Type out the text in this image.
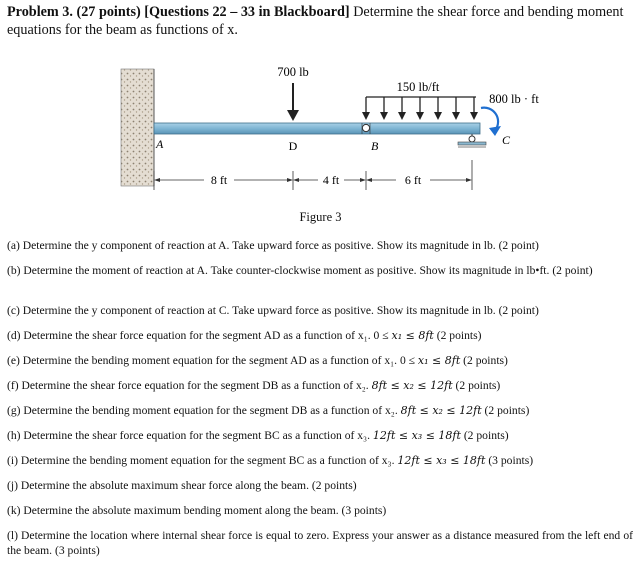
Problem 3. (27 points) [Questions 22 – 33 in Blackboard] Determine the shear force and bending moment equations for the beam as functions of x.
700 lb
150 lb/ft
800 lb · ft
A	D	B	C
8 ft	4 ft	6 ft
Figure 3
(a) Determine the y component of reaction at A. Take upward force as positive. Show its magnitude in lb. (2 point)
(b) Determine the moment of reaction at A. Take counter-clockwise moment as positive. Show its magnitude in lb•ft. (2 point)
(c) Determine the y component of reaction at C. Take upward force as positive. Show its magnitude in lb. (2 point)
(d) Determine the shear force equation for the segment AD as a function of x₁. 0 ≤ x₁ ≤ 8ft (2 points)
(e) Determine the bending moment equation for the segment AD as a function of x₁. 0 ≤ x₁ ≤ 8ft (2 points)
(f) Determine the shear force equation for the segment DB as a function of x₂. 8ft ≤ x₂ ≤ 12ft (2 points)
(g) Determine the bending moment equation for the segment DB as a function of x₂. 8ft ≤ x₂ ≤ 12ft (2 points)
(h) Determine the shear force equation for the segment BC as a function of x₃. 12ft ≤ x₃ ≤ 18ft (2 points)
(i) Determine the bending moment equation for the segment BC as a function of x₃. 12ft ≤ x₃ ≤ 18ft (3 points)
(j) Determine the absolute maximum shear force along the beam. (2 points)
(k) Determine the absolute maximum bending moment along the beam. (3 points)
(l) Determine the location where internal shear force is equal to zero. Express your answer as a distance measured from the left end of the beam. (3 points)
